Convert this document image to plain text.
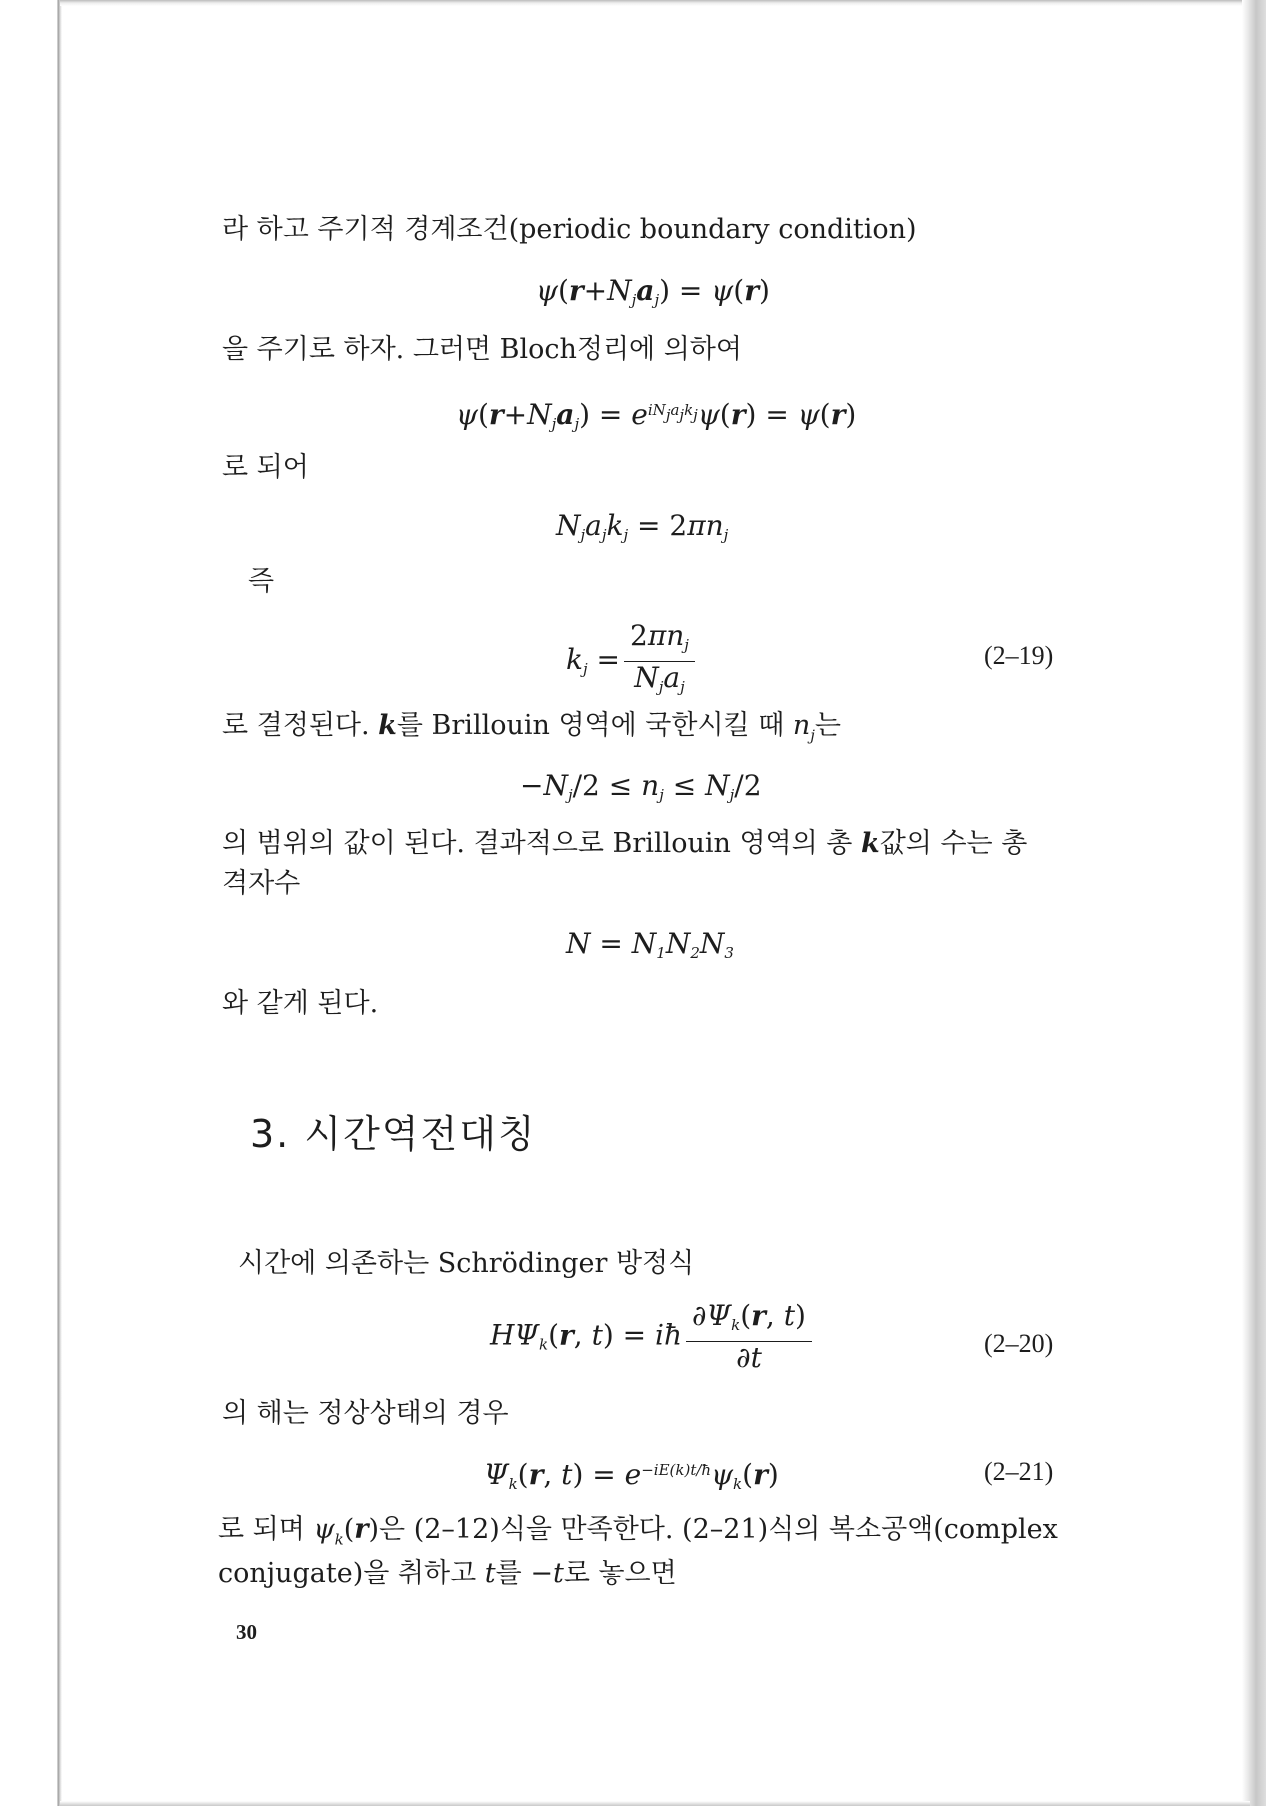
라 하고 주기적 경계조건(periodic boundary condition)
$\psi(r+N_ja_j) = \psi(r)$
을 주기로 하자. 그러면 Bloch정리에 의하여
$\psi(r+N_ja_j) = e^{iN_ja_jk_j}\psi(r) = \psi(r)$
로 되어
$N_ja_jk_j = 2\pi n_j$
즉
$k_j = \frac{2\pi n_j}{N_ja_j}$	(2–19)
로 결정된다. k를 Brillouin 영역에 국한시킬 때 $n_j$는
$-N_j/2 \le n_j \le N_j/2$
의 범위의 값이 된다. 결과적으로 Brillouin 영역의 총 k값의 수는 총
격자수
$N = N_1N_2N_3$
와 같게 된다.
3. 시간역전대칭
시간에 의존하는 Schrödinger 방정식
$H\Psi_k(r$, t) = iħ $\frac{\partial\Psi_k(r, t)}{\partial t}$	(2–20)
의 해는 정상상태의 경우
$\Psi_k(r$, $t) = e^{-iE(k)t/ħ}\psi_k(r)$	(2–21)
로 되며 $\psi_k(r)$은 (2–12)식을 만족한다. (2–21)식의 복소공액(complex
conjugate)을 취하고 t를 −t로 놓으면
30
